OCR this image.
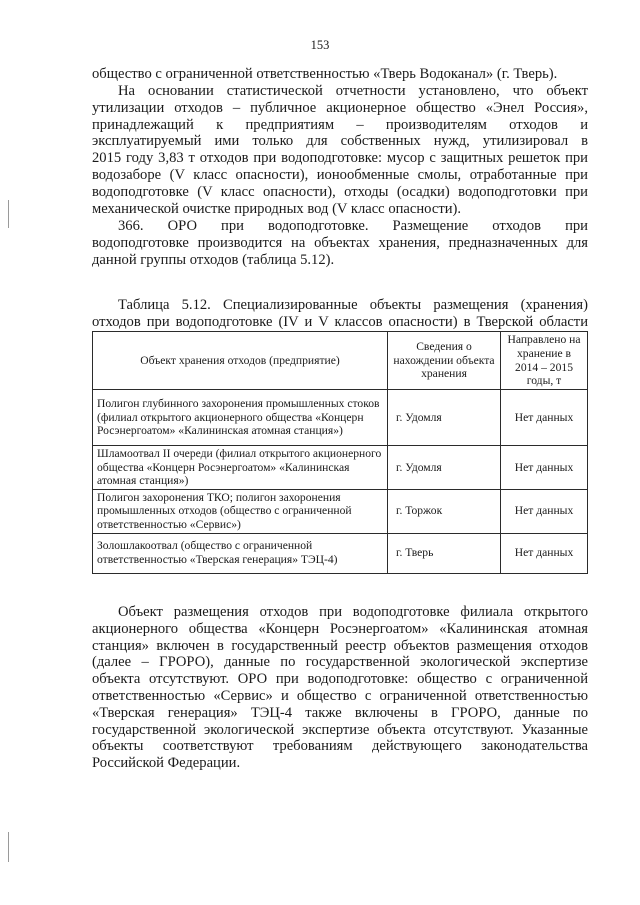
153
общество с ограниченной ответственностью «Тверь Водоканал» (г. Тверь).
На основании статистической отчетности установлено, что объект
утилизации отходов – публичное акционерное общество «Энел Россия»,
принадлежащий к предприятиям – производителям отходов и
эксплуатируемый ими только для собственных нужд, утилизировал в
2015 году 3,83 т отходов при водоподготовке: мусор с защитных решеток при
водозаборе (V класс опасности), ионообменные смолы, отработанные при
водоподготовке (V класс опасности), отходы (осадки) водоподготовки при
механической очистке природных вод (V класс опасности).
366. ОРО при водоподготовке. Размещение отходов при
водоподготовке производится на объектах хранения, предназначенных для
данной группы отходов (таблица 5.12).
Таблица 5.12. Специализированные объекты размещения (хранения)
отходов при водоподготовке (IV и V классов опасности) в Тверской области
Объект хранения отходов (предприятие)	Сведения о нахождении объекта хранения	Направлено на хранение в 2014 – 2015 годы, т
Полигон глубинного захоронения промышленных стоков (филиал открытого акционерного общества «Концерн Росэнергоатом» «Калининская атомная станция»)	г. Удомля	Нет данных
Шламоотвал II очереди (филиал открытого акционерного общества «Концерн Росэнергоатом» «Калининская атомная станция»)	г. Удомля	Нет данных
Полигон захоронения ТКО; полигон захоронения промышленных отходов (общество с ограниченной ответственностью «Сервис»)	г. Торжок	Нет данных
Золошлакоотвал (общество с ограниченной ответственностью «Тверская генерация» ТЭЦ-4)	г. Тверь	Нет данных
Объект размещения отходов при водоподготовке филиала открытого
акционерного общества «Концерн Росэнергоатом» «Калининская атомная
станция» включен в государственный реестр объектов размещения отходов
(далее – ГРОРО), данные по государственной экологической экспертизе
объекта отсутствуют. ОРО при водоподготовке: общество с ограниченной
ответственностью «Сервис» и общество с ограниченной ответственностью
«Тверская генерация» ТЭЦ-4 также включены в ГРОРО, данные по
государственной экологической экспертизе объекта отсутствуют. Указанные
объекты соответствуют требованиям действующего законодательства
Российской Федерации.
